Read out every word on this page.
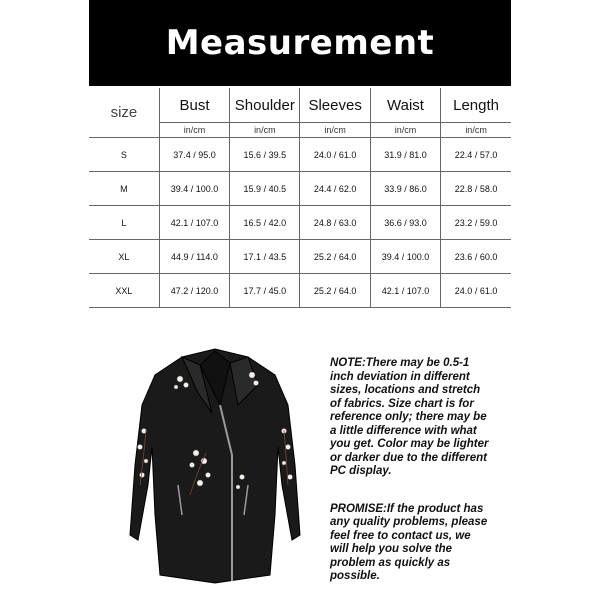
Measurement
size	Bust	Shoulder	Sleeves	Waist	Length
	in/cm	in/cm	in/cm	in/cm	in/cm
S	37.4 / 95.0	15.6 / 39.5	24.0 / 61.0	31.9 / 81.0	22.4 / 57.0
M	39.4 / 100.0	15.9 / 40.5	24.4 / 62.0	33.9 / 86.0	22.8 / 58.0
L	42.1 / 107.0	16.5 / 42.0	24.8 / 63.0	36.6 / 93.0	23.2 / 59.0
XL	44.9 / 114.0	17.1 / 43.5	25.2 / 64.0	39.4 / 100.0	23.6 / 60.0
XXL	47.2 / 120.0	17.7 / 45.0	25.2 / 64.0	42.1 / 107.0	24.0 / 61.0

NOTE:There may be 0.5-1 inch deviation in different sizes, locations and stretch of fabrics. Size chart is for reference only; there may be a little difference with what you get. Color may be lighter or darker due to the different PC display.

PROMISE:If the product has any quality problems, please feel free to contact us, we will help you solve the problem as quickly as possible.
